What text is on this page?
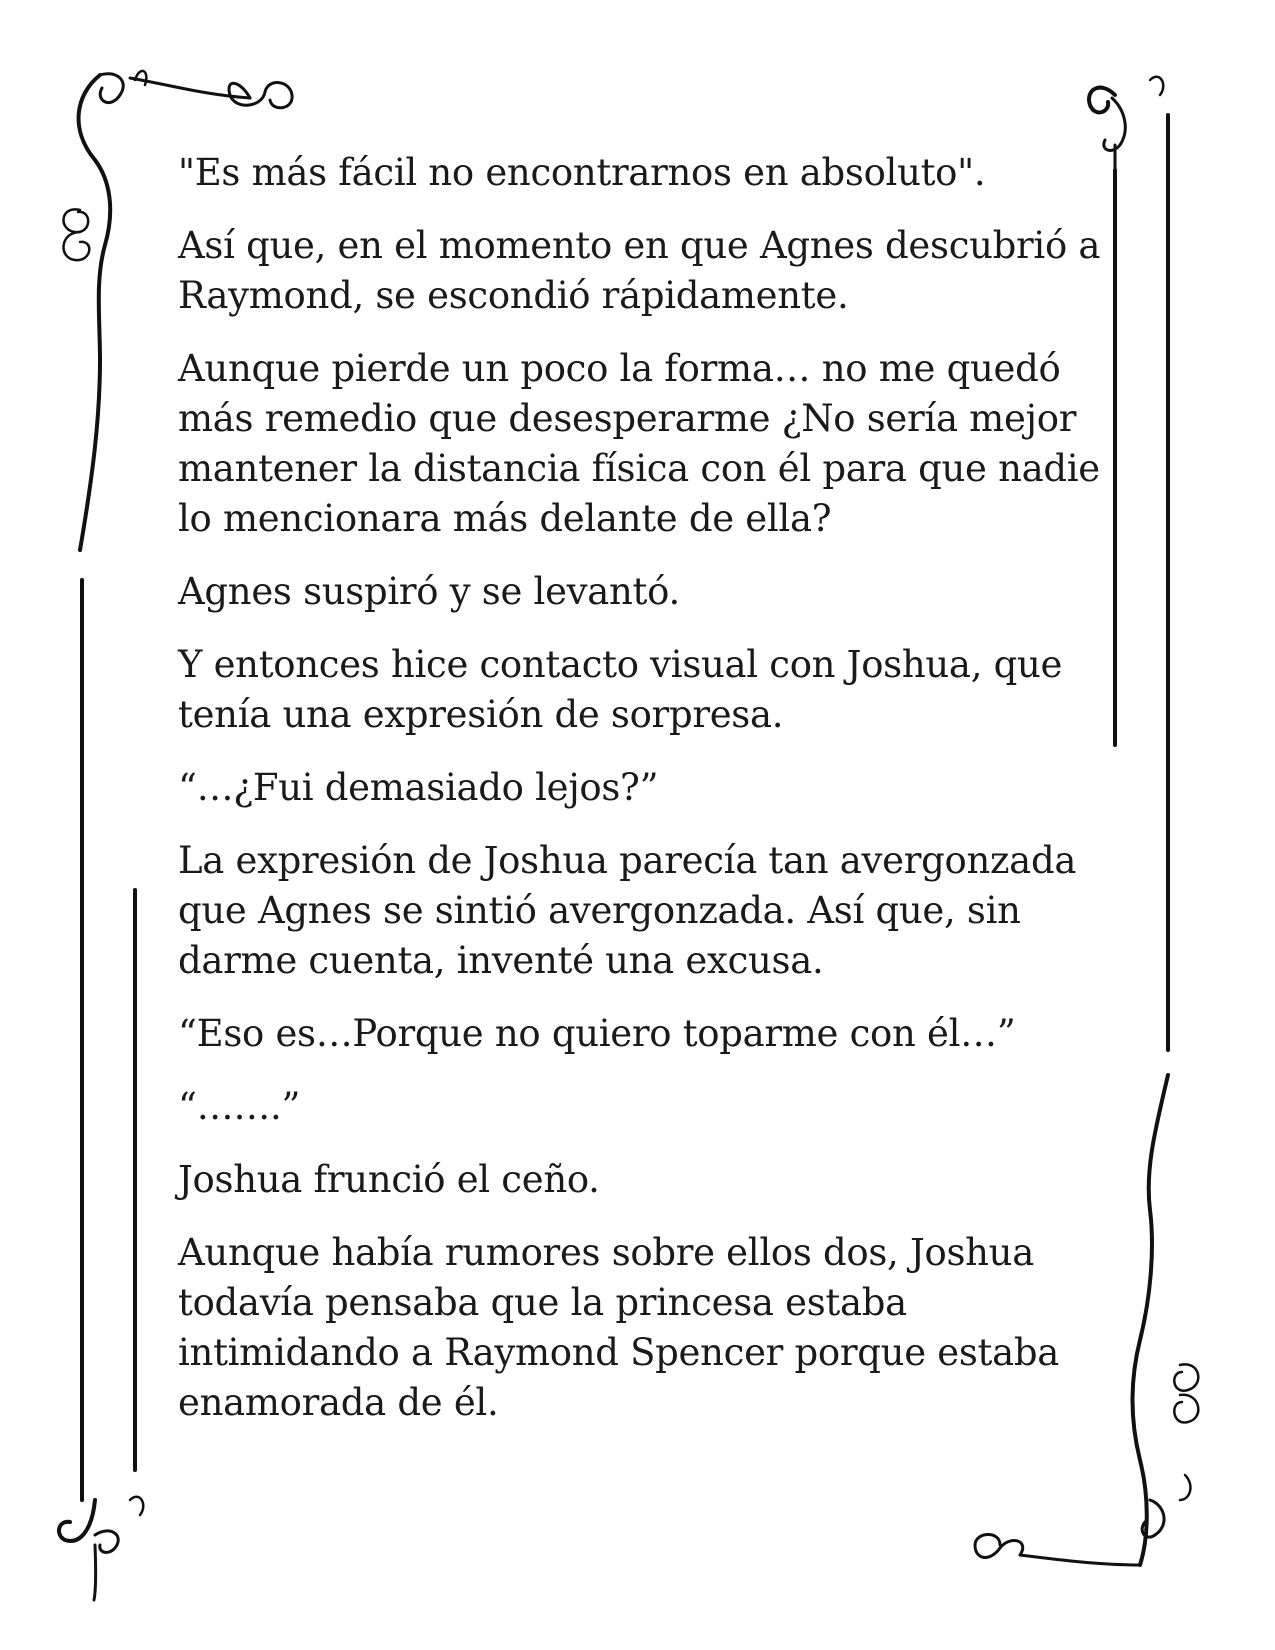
"Es más fácil no encontrarnos en absoluto".

Así que, en el momento en que Agnes descubrió a Raymond, se escondió rápidamente.

Aunque pierde un poco la forma… no me quedó más remedio que desesperarme ¿No sería mejor mantener la distancia física con él para que nadie lo mencionara más delante de ella?

Agnes suspiró y se levantó.

Y entonces hice contacto visual con Joshua, que tenía una expresión de sorpresa.

“…¿Fui demasiado lejos?”

La expresión de Joshua parecía tan avergonzada que Agnes se sintió avergonzada. Así que, sin darme cuenta, inventé una excusa.

“Eso es…Porque no quiero toparme con él…”

“…….”

Joshua frunció el ceño.

Aunque había rumores sobre ellos dos, Joshua todavía pensaba que la princesa estaba intimidando a Raymond Spencer porque estaba enamorada de él.
